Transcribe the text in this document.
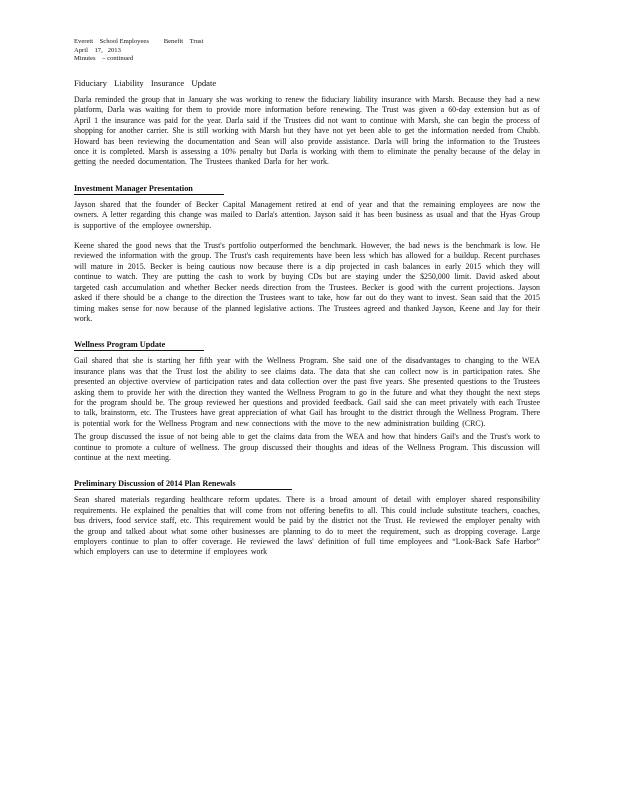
Everett    School Employees         Benefit    Trust
April    17,   2013
Minutes    – continued
Fiduciary Liability Insurance Update

Darla reminded the group that in January she was working to renew the fiduciary liability insurance with Marsh. Because they had a new platform, Darla was waiting for them to provide more information before renewing. The Trust was given a 60-day extension but as of April 1 the insurance was paid for the year. Darla said if the Trustees did not want to continue with Marsh, she can begin the process of shopping for another carrier. She is still working with Marsh but they have not yet been able to get the information needed from Chubb. Howard has been reviewing the documentation and Sean will also provide assistance. Darla will bring the information to the Trustees once it is completed. Marsh is assessing a 10% penalty but Darla is working with them to eliminate the penalty because of the delay in getting the needed documentation. The Trustees thanked Darla for her work.

Investment Manager Presentation

Jayson shared that the founder of Becker Capital Management retired at end of year and that the remaining employees are now the owners. A letter regarding this change was mailed to Darla's attention. Jayson said it has been business as usual and that the Hyas Group is supportive of the employee ownership.

Keene shared the good news that the Trust's portfolio outperformed the benchmark. However, the bad news is the benchmark is low. He reviewed the information with the group. The Trust's cash requirements have been less which has allowed for a buildup. Recent purchases will mature in 2015. Becker is being cautious now because there is a dip projected in cash balances in early 2015 which they will continue to watch. They are putting the cash to work by buying CDs but are staying under the $250,000 limit. David asked about targeted cash accumulation and whether Becker needs direction from the Trustees. Becker is good with the current projections. Jayson asked if there should be a change to the direction the Trustees want to take, how far out do they want to invest. Sean said that the 2015 timing makes sense for now because of the planned legislative actions. The Trustees agreed and thanked Jayson, Keene and Jay for their work.

Wellness Program Update

Gail shared that she is starting her fifth year with the Wellness Program. She said one of the disadvantages to changing to the WEA insurance plans was that the Trust lost the ability to see claims data. The data that she can collect now is in participation rates. She presented an objective overview of participation rates and data collection over the past five years. She presented questions to the Trustees asking them to provide her with the direction they wanted the Wellness Program to go in the future and what they thought the next steps for the program should be. The group reviewed her questions and provided feedback. Gail said she can meet privately with each Trustee to talk, brainstorm, etc. The Trustees have great appreciation of what Gail has brought to the district through the Wellness Program. There is potential work for the Wellness Program and new connections with the move to the new administration building (CRC).

The group discussed the issue of not being able to get the claims data from the WEA and how that hinders Gail's and the Trust's work to continue to promote a culture of wellness. The group discussed their thoughts and ideas of the Wellness Program. This discussion will continue at the next meeting.

Preliminary Discussion of 2014 Plan Renewals

Sean shared materials regarding healthcare reform updates. There is a broad amount of detail with employer shared responsibility requirements. He explained the penalties that will come from not offering benefits to all. This could include substitute teachers, coaches, bus drivers, food service staff, etc. This requirement would be paid by the district not the Trust. He reviewed the employer penalty with the group and talked about what some other businesses are planning to do to meet the requirement, such as dropping coverage. Large employers continue to plan to offer coverage. He reviewed the laws' definition of full time employees and “Look-Back Safe Harbor” which employers can use to determine if employees work
